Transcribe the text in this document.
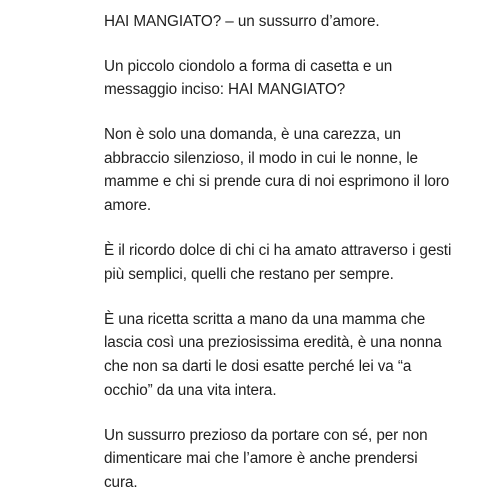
HAI MANGIATO? – un sussurro d’amore.

Un piccolo ciondolo a forma di casetta e un messaggio inciso: HAI MANGIATO?

Non è solo una domanda, è una carezza, un abbraccio silenzioso, il modo in cui le nonne, le mamme e chi si prende cura di noi esprimono il loro amore.

È il ricordo dolce di chi ci ha amato attraverso i gesti più semplici, quelli che restano per sempre.

È una ricetta scritta a mano da una mamma che lascia così una preziosissima eredità, è una nonna che non sa darti le dosi esatte perché lei va “a occhio” da una vita intera.

Un sussurro prezioso da portare con sé, per non dimenticare mai che l’amore è anche prendersi cura.
